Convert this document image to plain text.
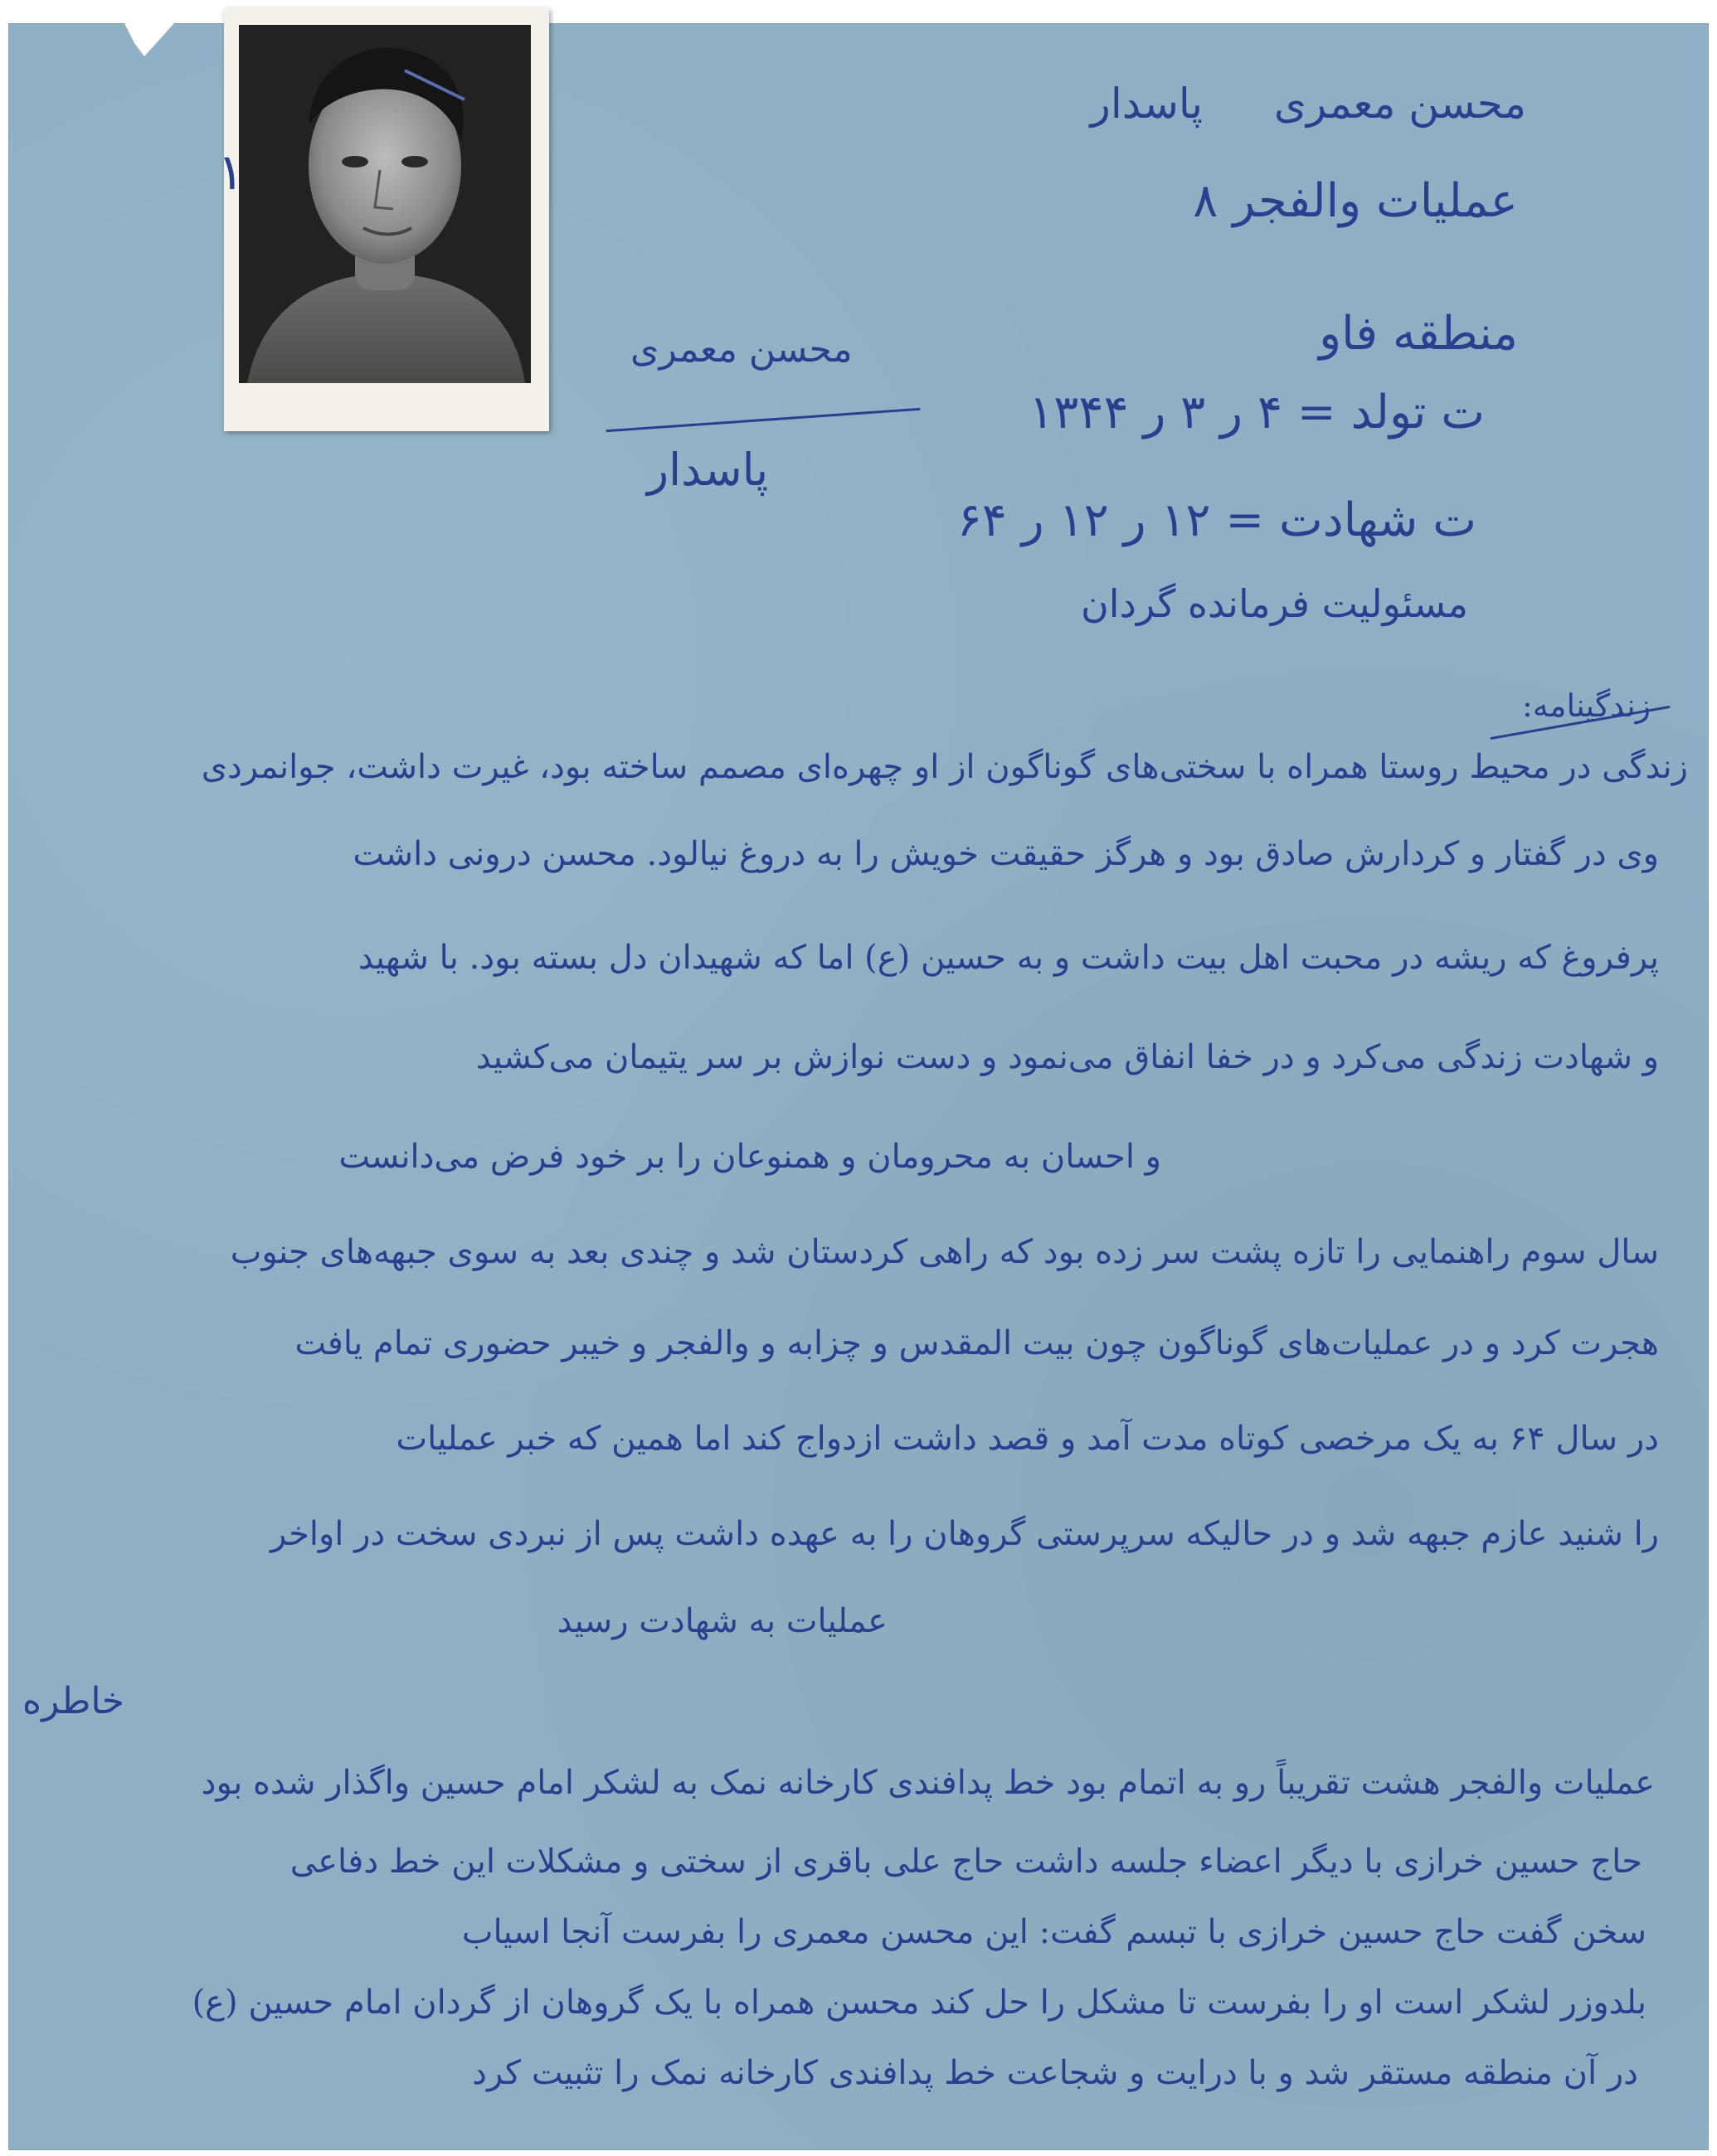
۱
محسن معمری
پاسدار
عملیات والفجر ۸
منطقه فاو
ت تولد = ۴ ر ۳ ر ۱۳۴۴
ت شهادت = ۱۲ ر ۱۲ ر ۶۴
مسئولیت فرمانده گردان
محسن معمری
پاسدار
زندگینامه:
زندگی در محیط روستا همراه با سختی‌های گوناگون از او چهره‌ای مصمم ساخته بود، غیرت داشت، جوانمردی
وی در گفتار و کردارش صادق بود و هرگز حقیقت خویش را به دروغ نیالود. محسن درونی داشت
پرفروغ که ریشه در محبت اهل بیت داشت و به حسین (ع) اما که شهیدان دل بسته بود. با شهید
و شهادت زندگی می‌کرد و در خفا انفاق می‌نمود و دست نوازش بر سر یتیمان می‌کشید
و احسان به محرومان و همنوعان را بر خود فرض می‌دانست
سال سوم راهنمایی را تازه پشت سر زده بود که راهی کردستان شد و چندی بعد به سوی جبهه‌های جنوب
هجرت کرد و در عملیات‌های گوناگون چون بیت المقدس و چزابه و والفجر و خیبر حضوری تمام یافت
در سال ۶۴ به یک مرخصی کوتاه مدت آمد و قصد داشت ازدواج کند اما همین که خبر عملیات
را شنید عازم جبهه شد و در حالیکه سرپرستی گروهان را به عهده داشت پس از نبردی سخت در اواخر
عملیات به شهادت رسید
خاطره
عملیات والفجر هشت تقریباً رو به اتمام بود خط پدافندی کارخانه نمک به لشکر امام حسین واگذار شده بود
حاج حسین خرازی با دیگر اعضاء جلسه داشت حاج علی باقری از سختی و مشکلات این خط دفاعی
سخن گفت حاج حسین خرازی با تبسم گفت: این محسن معمری را بفرست آنجا اسیاب
بلدوزر لشکر است او را بفرست تا مشکل را حل کند محسن همراه با یک گروهان از گردان امام حسین (ع)
در آن منطقه مستقر شد و با درایت و شجاعت خط پدافندی کارخانه نمک را تثبیت کرد
